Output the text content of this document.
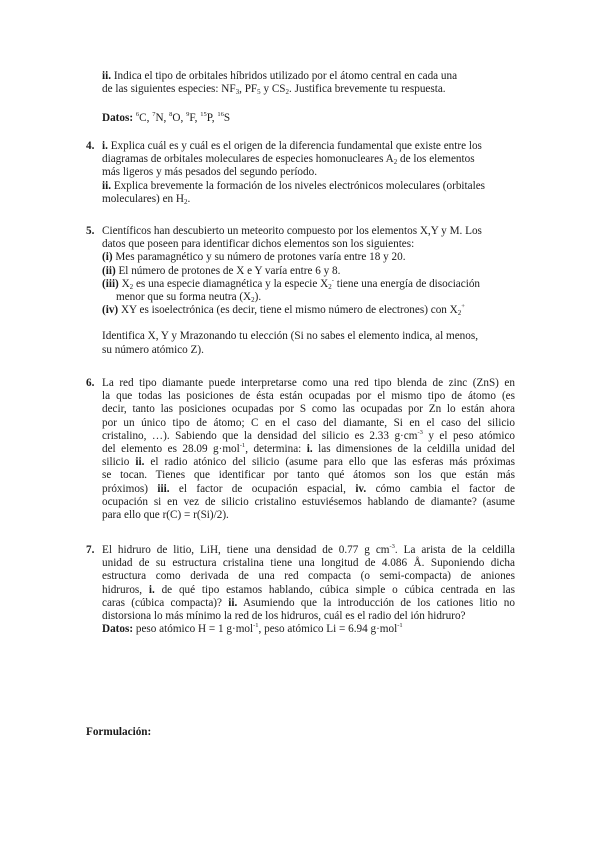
ii. Indica el tipo de orbitales híbridos utilizado por el átomo central en cada una
de las siguientes especies: $NF_3$, $PF_5$ y $CS_2$. Justifica brevemente tu respuesta.
Datos: $^6$C, $^7$N, $^8$O, $^9$F, $^{15}$P, $^{16}$S
4. i. Explica cuál es y cuál es el origen de la diferencia fundamental que existe entre los
diagramas de orbitales moleculares de especies homonucleares $A_2$ de los elementos
más ligeros y más pesados del segundo período.
ii. Explica brevemente la formación de los niveles electrónicos moleculares (orbitales
moleculares) en $H_2$.
5. Científicos han descubierto un meteorito compuesto por los elementos X,Y y M. Los
datos que poseen para identificar dichos elementos son los siguientes:
(i) Mes paramagnético y su número de protones varía entre 18 y 20.
(ii) El número de protones de X e Y varía entre 6 y 8.
(iii) $X_2$ es una especie diamagnética y la especie $X_2^-$ tiene una energía de disociación
menor que su forma neutra $(X_2)$.
(iv) XY es isoelectrónica (es decir, tiene el mismo número de electrones) con $X_2^+$
Identifica X, Y y Mrazonando tu elección (Si no sabes el elemento indica, al menos,
su número atómico Z).
6. La red tipo diamante puede interpretarse como una red tipo blenda de zinc (ZnS) en
la que todas las posiciones de ésta están ocupadas por el mismo tipo de átomo (es
decir, tanto las posiciones ocupadas por S como las ocupadas por Zn lo están ahora
por un único tipo de átomo; C en el caso del diamante, Si en el caso del silicio
cristalino, …). Sabiendo que la densidad del silicio es 2.33 $g\cdot cm^{-3}$ y el peso atómico
del elemento es 28.09 g·mol$^{-1}$, determina: i. las dimensiones de la celdilla unidad del
silicio ii. el radio atónico del silicio (asume para ello que las esferas más próximas
se tocan. Tienes que identificar por tanto qué átomos son los que están más
próximos) iii. el factor de ocupación espacial, iv. cómo cambia el factor de
ocupación si en vez de silicio cristalino estuviésemos hablando de diamante? (asume
para ello que r(C) = r(Si)/2).
7. El hidruro de litio, LiH, tiene una densidad de 0.77 g $cm^{-3}$. La arista de la celdilla
unidad de su estructura cristalina tiene una longitud de 4.086 Å. Suponiendo dicha
estructura como derivada de una red compacta (o semi-compacta) de aniones
hidruros, i. de qué tipo estamos hablando, cúbica simple o cúbica centrada en las
caras (cúbica compacta)? ii. Asumiendo que la introducción de los cationes litio no
distorsiona lo más mínimo la red de los hidruros, cuál es el radio del ión hidruro?
Datos: peso atómico H = 1 g·mol$^{-1}$, peso atómico Li = 6.94 g·mol$^{-1}$
Formulación:
